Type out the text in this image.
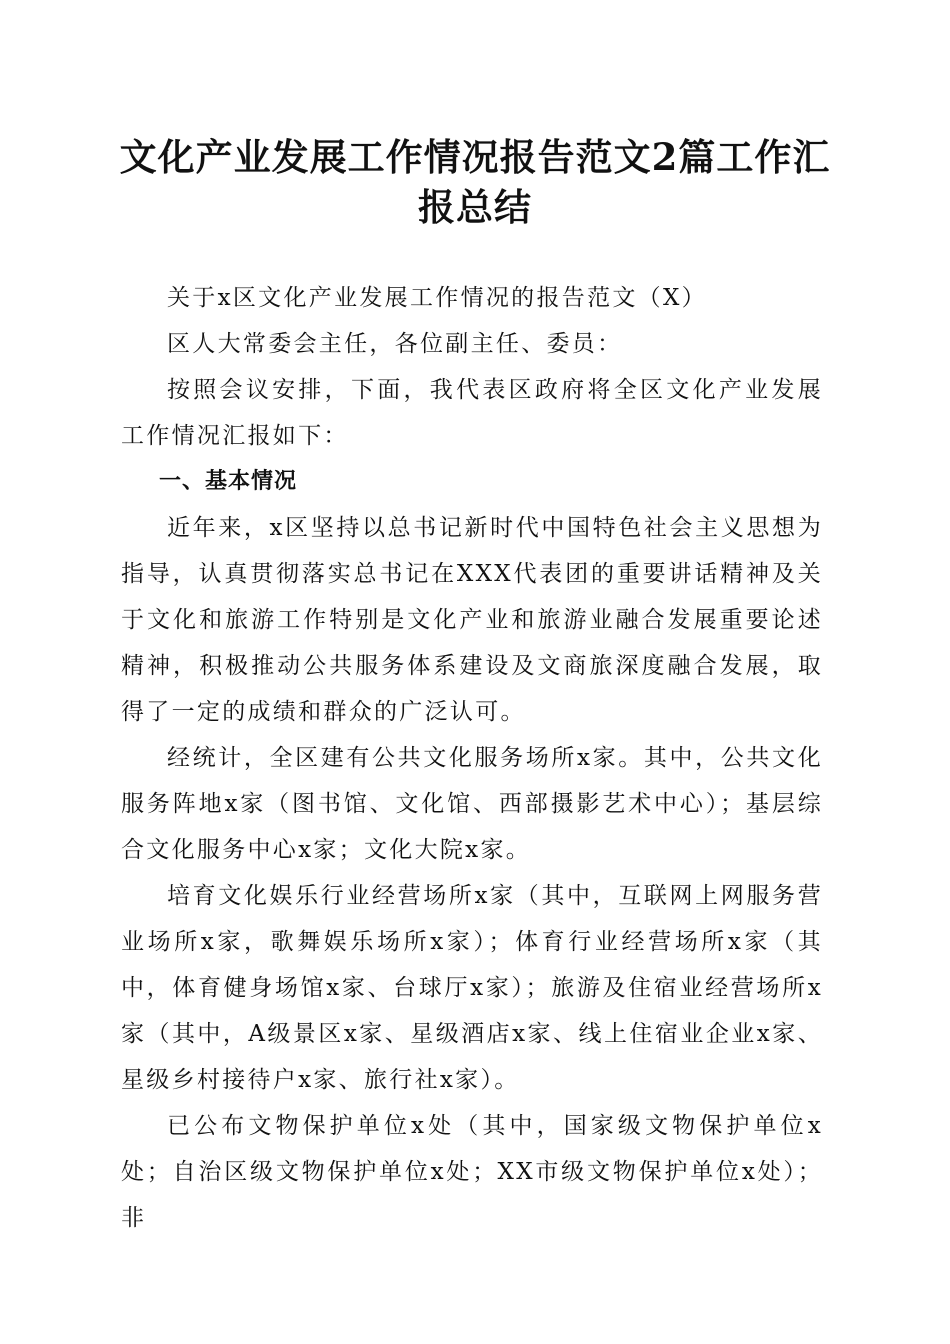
文化产业发展工作情况报告范文2篇工作汇报总结

关于x区文化产业发展工作情况的报告范文（X）

区人大常委会主任，各位副主任、委员：

按照会议安排，下面，我代表区政府将全区文化产业发展工作情况汇报如下：

一、基本情况

近年来，x区坚持以总书记新时代中国特色社会主义思想为指导，认真贯彻落实总书记在XXX代表团的重要讲话精神及关于文化和旅游工作特别是文化产业和旅游业融合发展重要论述精神，积极推动公共服务体系建设及文商旅深度融合发展，取得了一定的成绩和群众的广泛认可。

经统计，全区建有公共文化服务场所x家。其中，公共文化服务阵地x家（图书馆、文化馆、西部摄影艺术中心）；基层综合文化服务中心x家；文化大院x家。

培育文化娱乐行业经营场所x家（其中，互联网上网服务营业场所x家，歌舞娱乐场所x家）；体育行业经营场所x家（其中，体育健身场馆x家、台球厅x家）；旅游及住宿业经营场所x家（其中，A级景区x家、星级酒店x家、线上住宿业企业x家、星级乡村接待户x家、旅行社x家）。

已公布文物保护单位x处（其中，国家级文物保护单位x处；自治区级文物保护单位x处；XX市级文物保护单位x处）；非
